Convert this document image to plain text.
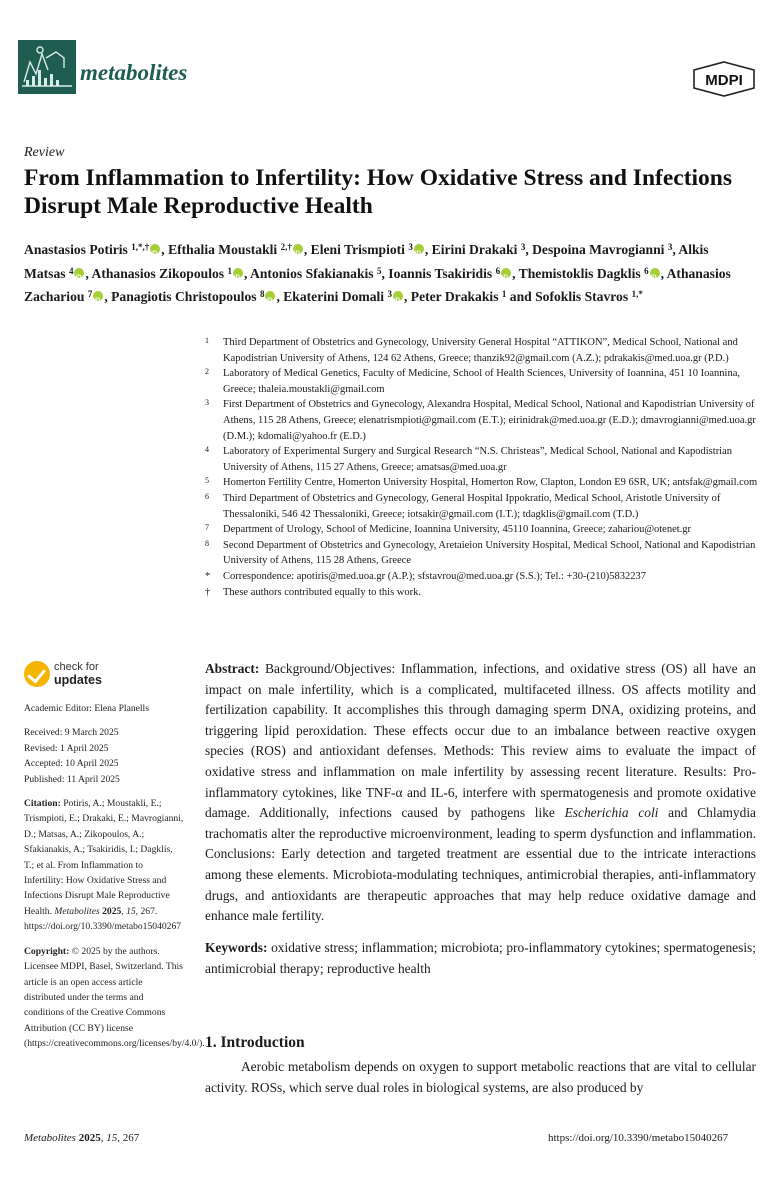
metabolites	MDPI
Review
From Inflammation to Infertility: How Oxidative Stress and Infections Disrupt Male Reproductive Health
Anastasios Potiris $^{1,*,\dagger}$ iD , Efthalia Moustakli $^{2,\dagger}$ iD , Eleni Trismpioti $^3$ iD , Eirini Drakaki $^3$, Despoina Mavrogianni $^3$, Alkis Matsas $^4$ iD , Athanasios Zikopoulos $^1$ iD , Antonios Sfakianakis $^5$, Ioannis Tsakiridis $^6$ iD , Themistoklis Dagklis $^6$ iD , Athanasios Zachariou $^7$ iD , Panagiotis Christopoulos $^8$ iD , Ekaterini Domali $^3$ iD , Peter Drakakis $^1$ and Sofoklis Stavros $^{1,*}$
1 Third Department of Obstetrics and Gynecology, University General Hospital “ATTIKON”, Medical School, National and Kapodistrian University of Athens, 124 62 Athens, Greece; thanzik92@gmail.com (A.Z.); pdrakakis@med.uoa.gr (P.D.)
2 Laboratory of Medical Genetics, Faculty of Medicine, School of Health Sciences, University of Ioannina, 451 10 Ioannina, Greece; thaleia.moustakli@gmail.com
3 First Department of Obstetrics and Gynecology, Alexandra Hospital, Medical School, National and Kapodistrian University of Athens, 115 28 Athens, Greece; elenatrismpioti@gmail.com (E.T.); eirinidrak@med.uoa.gr (E.D.); dmavrogianni@med.uoa.gr (D.M.); kdomali@yahoo.fr (E.D.)
4 Laboratory of Experimental Surgery and Surgical Research “N.S. Christeas”, Medical School, National and Kapodistrian University of Athens, 115 27 Athens, Greece; amatsas@med.uoa.gr
5 Homerton Fertility Centre, Homerton University Hospital, Homerton Row, Clapton, London E9 6SR, UK; antsfak@gmail.com
6 Third Department of Obstetrics and Gynecology, General Hospital Ippokratio, Medical School, Aristotle University of Thessaloniki, 546 42 Thessaloniki, Greece; iotsakir@gmail.com (I.T.); tdagklis@gmail.com (T.D.)
7 Department of Urology, School of Medicine, Ioannina University, 45110 Ioannina, Greece; zahariou@otenet.gr
8 Second Department of Obstetrics and Gynecology, Aretaieion University Hospital, Medical School, National and Kapodistrian University of Athens, 115 28 Athens, Greece
* Correspondence: apotiris@med.uoa.gr (A.P.); sfstavrou@med.uoa.gr (S.S.); Tel.: +30-(210)5832237
† These authors contributed equally to this work.
check for
updates

Academic Editor: Elena Planells

Received: 9 March 2025

Revised: 1 April 2025

Accepted: 10 April 2025

Published: 11 April 2025

Citation: Potiris, A.; Moustakli, E.; Trismpioti, E.; Drakaki, E.; Mavrogianni, D.; Matsas, A.; Zikopoulos, A.; Sfakianakis, A.; Tsakiridis, I.; Dagklis, T.; et al. From Inflammation to Infertility: How Oxidative Stress and Infections Disrupt Male Reproductive Health. Metabolites 2025, 15, 267. https://doi.org/10.3390/metabo15040267

Copyright: © 2025 by the authors. Licensee MDPI, Basel, Switzerland. This article is an open access article distributed under the terms and conditions of the Creative Commons Attribution (CC BY) license (https://creativecommons.org/licenses/by/4.0/).

Abstract: Background/Objectives: Inflammation, infections, and oxidative stress (OS) all have an impact on male infertility, which is a complicated, multifaceted illness. OS affects motility and fertilization capability. It accomplishes this through damaging sperm DNA, oxidizing proteins, and triggering lipid peroxidation. These effects occur due to an imbalance between reactive oxygen species (ROS) and antioxidant defenses. Methods: This review aims to evaluate the impact of oxidative stress and inflammation on male infertility by assessing recent literature. Results: Pro-inflammatory cytokines, like TNF-α and IL-6, interfere with spermatogenesis and promote oxidative damage. Additionally, infections caused by pathogens like Escherichia coli and Chlamydia trachomatis alter the reproductive microenvironment, leading to sperm dysfunction and inflammation. Conclusions: Early detection and targeted treatment are essential due to the intricate interactions among these elements. Microbiota-modulating techniques, antimicrobial therapies, anti-inflammatory drugs, and antioxidants are therapeutic approaches that may help reduce oxidative damage and enhance male fertility.
Keywords: oxidative stress; inflammation; microbiota; pro-inflammatory cytokines; spermatogenesis; antimicrobial therapy; reproductive health
1. Introduction
Aerobic metabolism depends on oxygen to support metabolic reactions that are vital to cellular activity. ROSs, which serve dual roles in biological systems, are also produced by
Metabolites 2025, 15, 267	https://doi.org/10.3390/metabo15040267
